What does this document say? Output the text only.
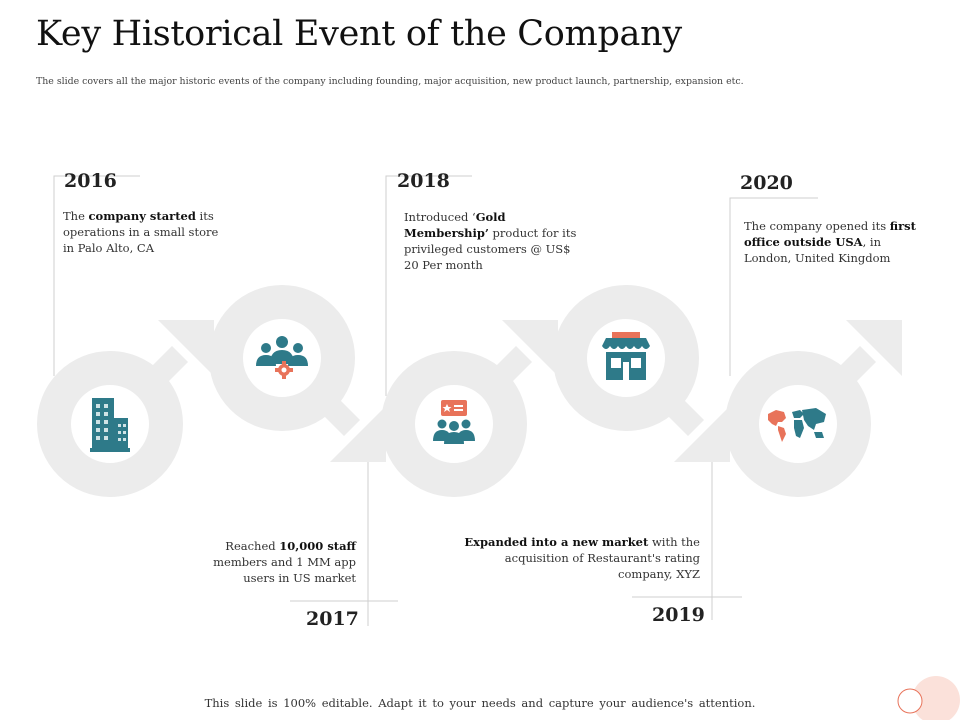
Key Historical Event of the Company
The slide covers all the major historic events of the company including founding, major acquisition, new product launch, partnership, expansion etc.
2016	2018	2020
2017	2019
The company started its operations in a small store in Palo Alto, CA
Introduced ‘Gold Membership’ product for its privileged customers @ US$ 20 Per month
The company opened its first office outside USA, in London, United Kingdom
Reached 10,000 staff members and 1 MM app users in US market
Expanded into a new market with the acquisition of Restaurant's rating company, XYZ
This slide is 100% editable. Adapt it to your needs and capture your audience's attention.
